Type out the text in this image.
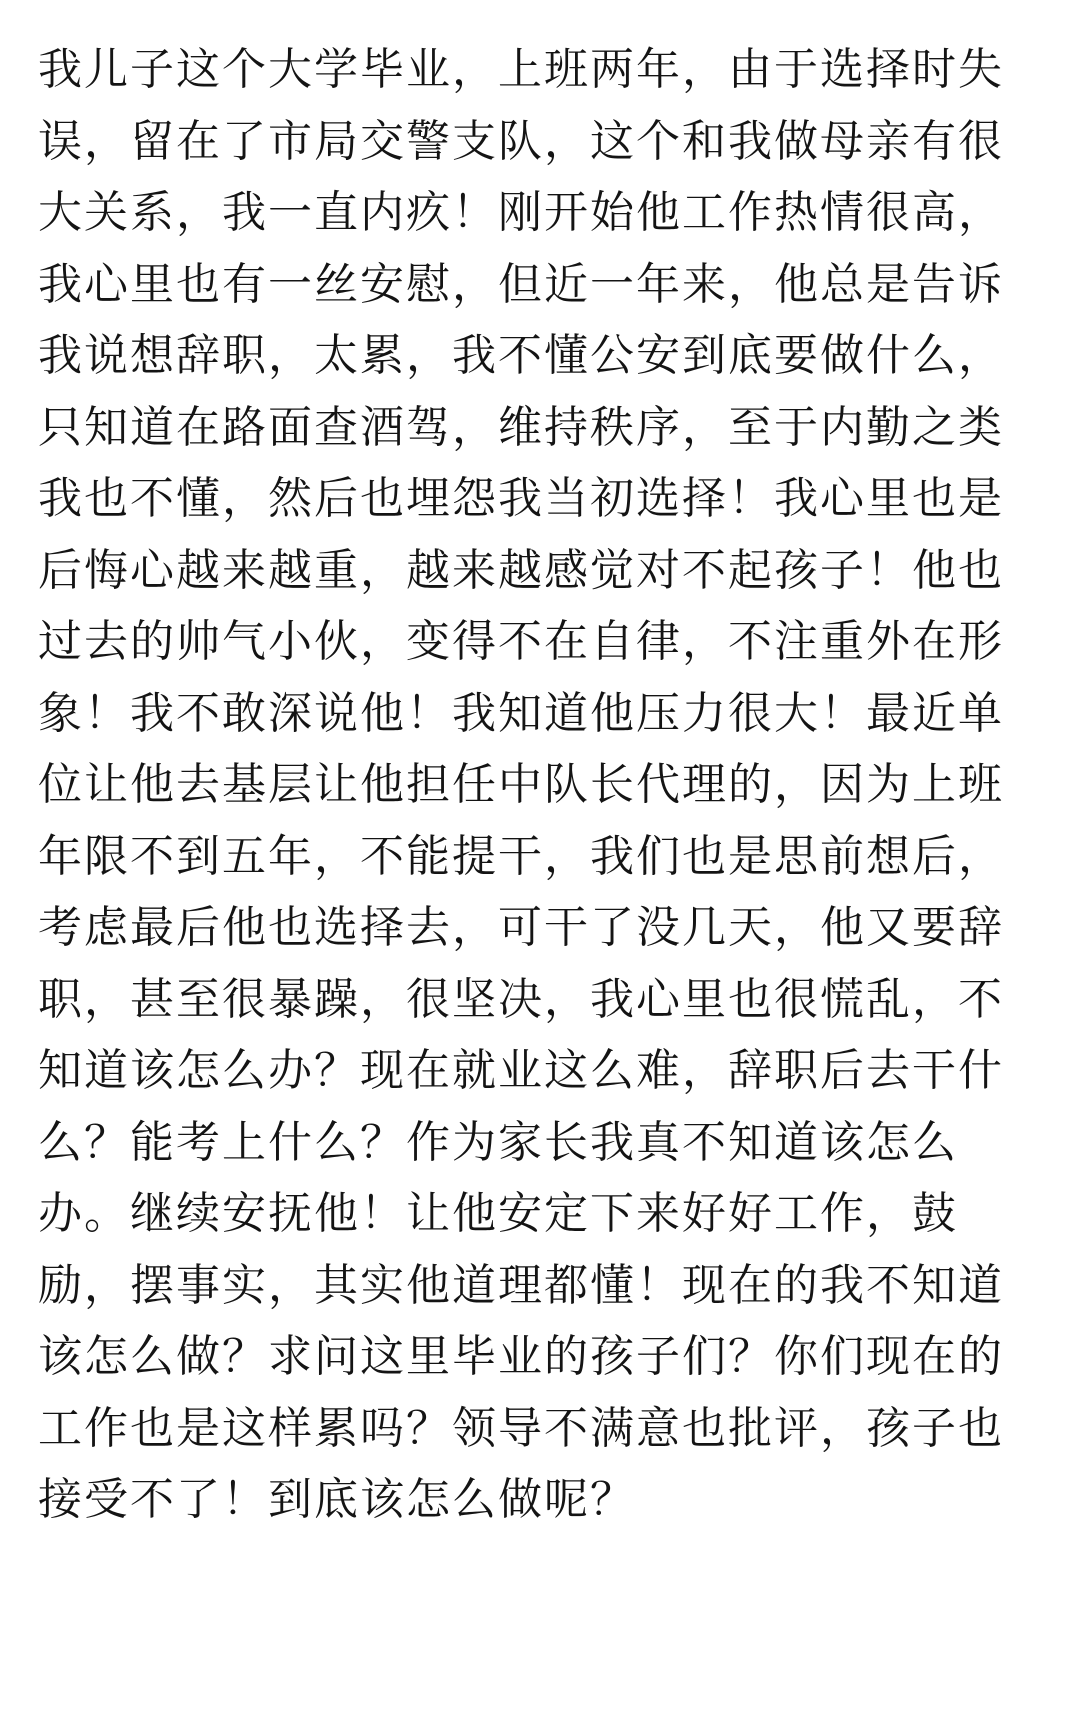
我儿子这个大学毕业，上班两年，由于选择时失
误，留在了市局交警支队，这个和我做母亲有很
大关系，我一直内疚！刚开始他工作热情很高，
我心里也有一丝安慰，但近一年来，他总是告诉
我说想辞职，太累，我不懂公安到底要做什么，
只知道在路面查酒驾，维持秩序，至于内勤之类
我也不懂，然后也埋怨我当初选择！我心里也是
后悔心越来越重，越来越感觉对不起孩子！他也
过去的帅气小伙，变得不在自律，不注重外在形
象！我不敢深说他！我知道他压力很大！最近单
位让他去基层让他担任中队长代理的，因为上班
年限不到五年，不能提干，我们也是思前想后，
考虑最后他也选择去，可干了没几天，他又要辞
职，甚至很暴躁，很坚决，我心里也很慌乱，不
知道该怎么办？现在就业这么难，辞职后去干什
么？能考上什么？作为家长我真不知道该怎么
办。继续安抚他！让他安定下来好好工作，鼓
励，摆事实，其实他道理都懂！现在的我不知道
该怎么做？求问这里毕业的孩子们？你们现在的
工作也是这样累吗？领导不满意也批评，孩子也
接受不了！到底该怎么做呢？
